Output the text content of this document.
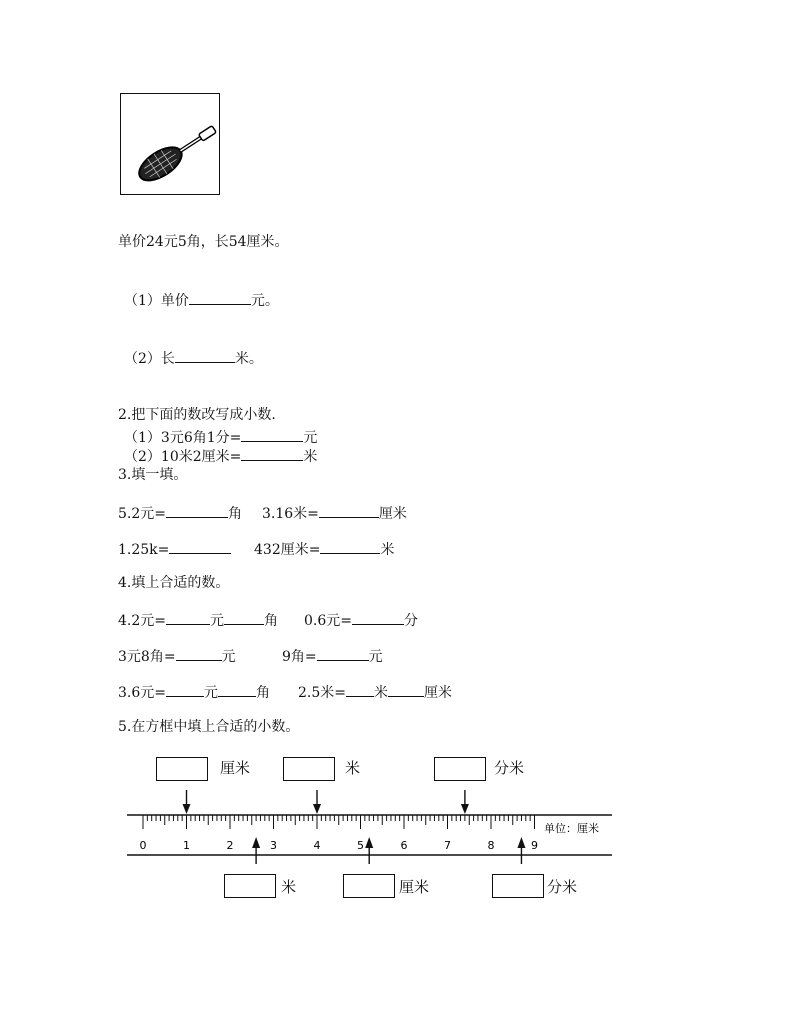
单价24元5角，长54厘米。
（1）单价	元。
（2）长	米。
2.把下面的数改写成小数.
（1）3元6角1分=	元
（2）10米2厘米=	米
3.填一填。
5.2元=	角 3.16米=	厘米
1.25k=	432厘米=	米
4.填上合适的数。
4.2元=	元	角 0.6元=	分
3元8角=	元	9角=	元
3.6元=	元	角 2.5米= 米	厘米
5.在方框中填上合适的小数。
厘米	米	分米
米	厘米	分米
0	1	2	3	4	5	6	7	8	9
单位：厘米
